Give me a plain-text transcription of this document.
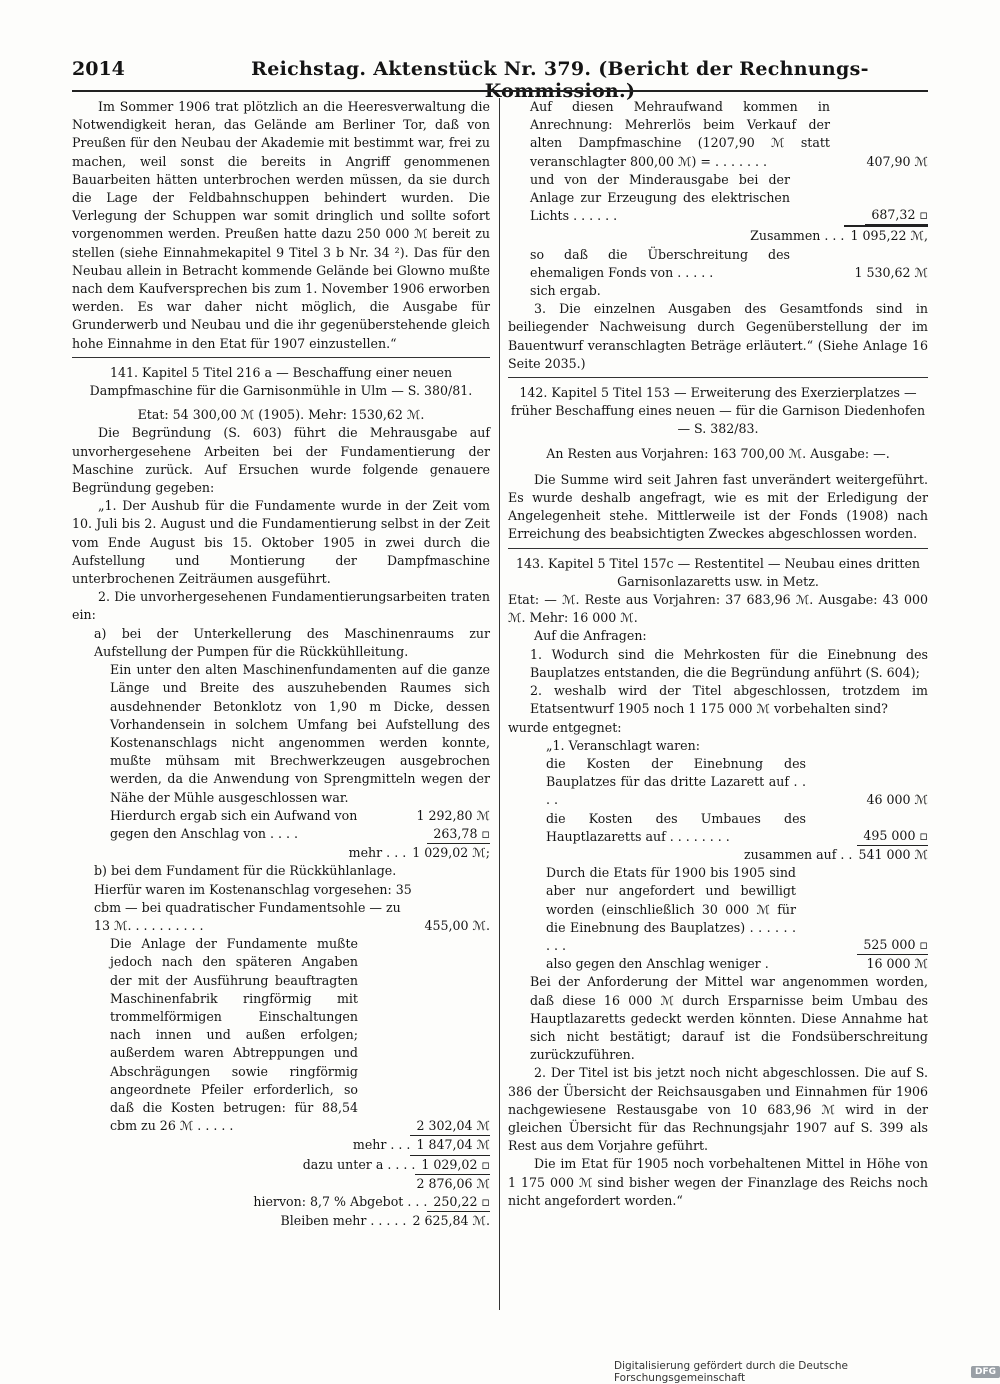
2014	Reichstag. Aktenstück Nr. 379. (Bericht der Rechnungs-Kommission.)

Im Sommer 1906 trat plötzlich an die Heeresverwaltung die Notwendigkeit heran, das Gelände am Berliner Tor, daß von Preußen für den Neubau der Akademie mit bestimmt war, frei zu machen, weil sonst die bereits in Angriff genommenen Bauarbeiten hätten unterbrochen werden müssen, da sie durch die Lage der Feldbahnschuppen behindert wurden. Die Verlegung der Schuppen war somit dringlich und sollte sofort vorgenommen werden. Preußen hatte dazu 250 000 ℳ bereit zu stellen (siehe Einnahmekapitel 9 Titel 3 b Nr. 34 ²). Das für den Neubau allein in Betracht kommende Gelände bei Glowno mußte nach dem Kaufversprechen bis zum 1. November 1906 erworben werden. Es war daher nicht möglich, die Ausgabe für Grunderwerb und Neubau und die ihr gegenüberstehende gleich hohe Einnahme in den Etat für 1907 einzustellen.“

141. Kapitel 5 Titel 216 a — Beschaffung einer neuen Dampfmaschine für die Garnisonmühle in Ulm — S. 380/81.

Etat: 54 300,00 ℳ (1905). Mehr: 1530,62 ℳ.

Die Begründung (S. 603) führt die Mehrausgabe auf unvorhergesehene Arbeiten bei der Fundamentierung der Maschine zurück. Auf Ersuchen wurde folgende genauere Begründung gegeben:

„1. Der Aushub für die Fundamente wurde in der Zeit vom 10. Juli bis 2. August und die Fundamentierung selbst in der Zeit vom Ende August bis 15. Oktober 1905 in zwei durch die Aufstellung und Montierung der Dampfmaschine unterbrochenen Zeiträumen ausgeführt.

2. Die unvorhergesehenen Fundamentierungsarbeiten traten ein:

a) bei der Unterkellerung des Maschinenraums zur Aufstellung der Pumpen für die Rückkühlleitung.

Ein unter den alten Maschinenfundamenten auf die ganze Länge und Breite des auszuhebenden Raumes sich ausdehnender Betonklotz von 1,90 m Dicke, dessen Vorhandensein in solchem Umfang bei Aufstellung des Kostenanschlags nicht angenommen werden konnte, mußte mühsam mit Brechwerkzeugen ausgebrochen werden, da die Anwendung von Sprengmitteln wegen der Nähe der Mühle ausgeschlossen war.

Hierdurch ergab sich ein Aufwand von	1 292,80 ℳ
gegen den Anschlag von . . . .	263,78 ▫
mehr . . . 1 029,02 ℳ;
b) bei dem Fundament für die Rückkühlanlage. Hierfür waren im Kostenanschlag vorgesehen: 35 cbm — bei quadratischer Fundamentsohle — zu 13 ℳ. . . . . . . . . .	455,00 ℳ.
Die Anlage der Fundamente mußte jedoch nach den späteren Angaben der mit der Ausführung beauftragten Maschinenfabrik ringförmig mit trommelförmigen Einschaltungen nach innen und außen erfolgen; außerdem waren Abtreppungen und Abschrägungen sowie ringförmig angeordnete Pfeiler erforderlich, so daß die Kosten betrugen: für 88,54 cbm zu 26 ℳ . . . . .	2 302,04 ℳ
mehr . . . 1 847,04 ℳ
dazu unter a . . . . 1 029,02 ▫
2 876,06 ℳ
hiervon: 8,7 % Abgebot . . . 250,22 ▫
Bleiben mehr . . . . . 2 625,84 ℳ.
Auf diesen Mehraufwand kommen in Anrechnung: Mehrerlös beim Verkauf der alten Dampfmaschine (1207,90 ℳ statt veranschlagter 800,00 ℳ) = . . . . . . .	407,90 ℳ
und von der Minderausgabe bei der Anlage zur Erzeugung des elektrischen Lichts . . . . . .	687,32 ▫
Zusammen . . . 1 095,22 ℳ,
so daß die Überschreitung des ehemaligen Fonds von . . . . .	1 530,62 ℳ

sich ergab.

3. Die einzelnen Ausgaben des Gesamtfonds sind in beiliegender Nachweisung durch Gegenüberstellung der im Bauentwurf veranschlagten Beträge erläutert.“ (Siehe Anlage 16 Seite 2035.)

142. Kapitel 5 Titel 153 — Erweiterung des Exerzierplatzes — früher Beschaffung eines neuen — für die Garnison Diedenhofen — S. 382/83.

An Resten aus Vorjahren: 163 700,00 ℳ. Ausgabe: —.

Die Summe wird seit Jahren fast unverändert weitergeführt. Es wurde deshalb angefragt, wie es mit der Erledigung der Angelegenheit stehe. Mittlerweile ist der Fonds (1908) nach Erreichung des beabsichtigten Zweckes abgeschlossen worden.

143. Kapitel 5 Titel 157c — Restentitel — Neubau eines dritten Garnisonlazaretts usw. in Metz.

Etat: — ℳ. Reste aus Vorjahren: 37 683,96 ℳ. Ausgabe: 43 000 ℳ. Mehr: 16 000 ℳ.

Auf die Anfragen:

1. Wodurch sind die Mehrkosten für die Einebnung des Bauplatzes entstanden, die die Begründung anführt (S. 604);

2. weshalb wird der Titel abgeschlossen, trotzdem im Etatsentwurf 1905 noch 1 175 000 ℳ vorbehalten sind?

wurde entgegnet:

„1. Veranschlagt waren:

die Kosten der Einebnung des Bauplatzes für das dritte Lazarett auf . . . .	46 000 ℳ
die Kosten des Umbaues des Hauptlazaretts auf . . . . . . . .	495 000 ▫
zusammen auf . . 541 000 ℳ
Durch die Etats für 1900 bis 1905 sind aber nur angefordert und bewilligt worden (einschließlich 30 000 ℳ für die Einebnung des Bauplatzes) . . . . . . . . .	525 000 ▫
also gegen den Anschlag weniger .	16 000 ℳ

Bei der Anforderung der Mittel war angenommen worden, daß diese 16 000 ℳ durch Ersparnisse beim Umbau des Hauptlazaretts gedeckt werden könnten. Diese Annahme hat sich nicht bestätigt; darauf ist die Fondsüberschreitung zurückzuführen.

2. Der Titel ist bis jetzt noch nicht abgeschlossen. Die auf S. 386 der Übersicht der Reichsausgaben und Einnahmen für 1906 nachgewiesene Restausgabe von 10 683,96 ℳ wird in der gleichen Übersicht für das Rechnungsjahr 1907 auf S. 399 als Rest aus dem Vorjahre geführt.

Die im Etat für 1905 noch vorbehaltenen Mittel in Höhe von 1 175 000 ℳ sind bisher wegen der Finanzlage des Reichs noch nicht angefordert worden.“

Digitalisierung gefördert durch die Deutsche Forschungsgemeinschaft	DFG
